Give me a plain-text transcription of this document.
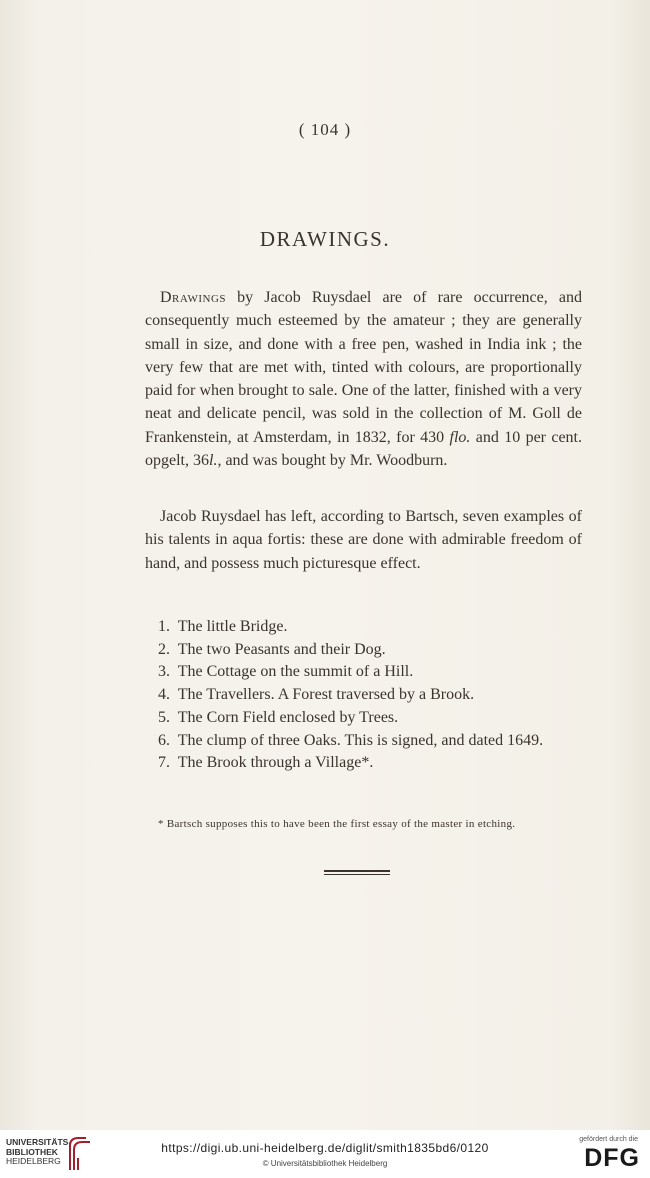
( 104 )
DRAWINGS.

Drawings by Jacob Ruysdael are of rare occurrence, and consequently much esteemed by the amateur ; they are generally small in size, and done with a free pen, washed in India ink ; the very few that are met with, tinted with colours, are proportionally paid for when brought to sale. One of the latter, finished with a very neat and delicate pencil, was sold in the collection of M. Goll de Frankenstein, at Amsterdam, in 1832, for 430 flo. and 10 per cent. opgelt, 36l., and was bought by Mr. Woodburn.

Jacob Ruysdael has left, according to Bartsch, seven examples of his talents in aqua fortis: these are done with admirable freedom of hand, and possess much picturesque effect.

1. The little Bridge.
2. The two Peasants and their Dog.
3. The Cottage on the summit of a Hill.
4. The Travellers. A Forest traversed by a Brook.
5. The Corn Field enclosed by Trees.
6. The clump of three Oaks. This is signed, and dated 1649.
7. The Brook through a Village*.
* Bartsch supposes this to have been the first essay of the master in etching.
UNIVERSITÄTS-
BIBLIOTHEK
HEIDELBERG
https://digi.ub.uni-heidelberg.de/diglit/smith1835bd6/0120
© Universitätsbibliothek Heidelberg
gefördert durch die
DFG
